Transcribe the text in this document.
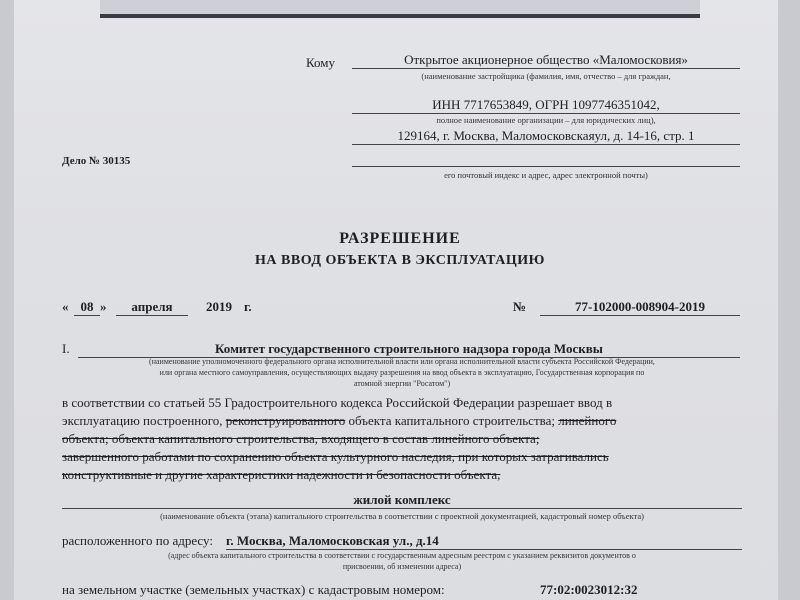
Кому	Открытое акционерное общество «Маломосковия»
(наименование застройщика (фамилия, имя, отчество – для граждан,
ИНН 7717653849, ОГРН 1097746351042,
полное наименование организации – для юридических лиц),
129164, г. Москва, Маломосковскаяул, д. 14-16, стр. 1
его почтовый индекс и адрес, адрес электронной почты)
Дело № 30135
РАЗРЕШЕНИЕ
НА ВВОД ОБЪЕКТА В ЭКСПЛУАТАЦИЮ
« 08 »	апреля	2019 г.	№	77-102000-008904-2019
I.	Комитет государственного строительного надзора города Москвы
(наименование уполномоченного федерального органа исполнительной власти или органа исполнительной власти субъекта Российской Федерации,
или органа местного самоуправления, осуществляющих выдачу разрешения на ввод объекта в эксплуатацию, Государственная корпорация по
атомной энергии "Росатом")
в соответствии со статьей 55 Градостроительного кодекса Российской Федерации разрешает ввод в
эксплуатацию построенного, реконструированного объекта капитального строительства; линейного
объекта; объекта капитального строительства, входящего в состав линейного объекта;
завершенного работами по сохранению объекта культурного наследия, при которых затрагивались
конструктивные и другие характеристики надежности и безопасности объекта,
жилой комплекс
(наименование объекта (этапа) капитального строительства в соответствии с проектной документацией, кадастровый номер объекта)
расположенного по адресу: г. Москва, Маломосковская ул., д.14
(адрес объекта капитального строительства в соответствии с государственным адресным реестром с указанием реквизитов документов о
присвоении, об изменении адреса)
на земельном участке (земельных участках) с кадастровым номером:	77:02:0023012:32
